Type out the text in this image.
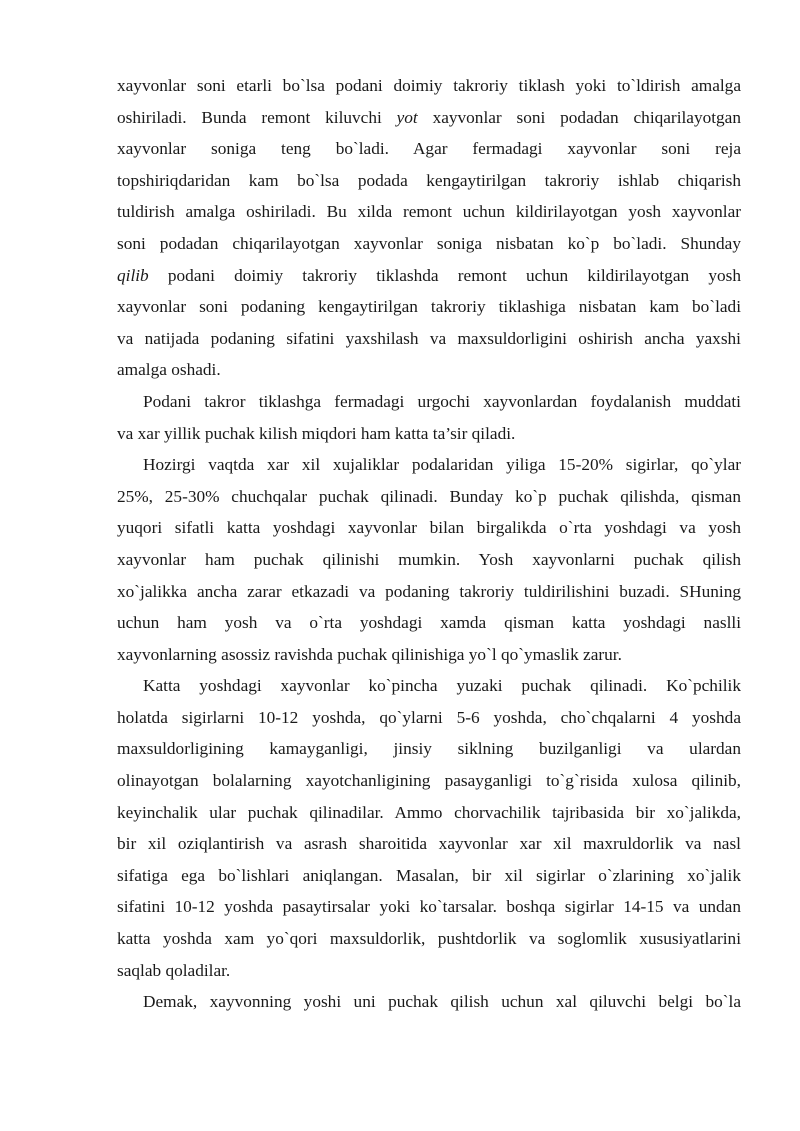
xayvonlar soni etarli bo`lsa podani doimiy takroriy tiklash yoki to`ldirish amalga
oshiriladi. Bunda remont kiluvchi yot xayvonlar soni podadan chiqarilayotgan
xayvonlar soniga teng bo`ladi. Agar fermadagi xayvonlar soni reja
topshiriqdaridan kam bo`lsa podada kengaytirilgan takroriy ishlab chiqarish
tuldirish amalga oshiriladi. Bu xilda remont uchun kildirilayotgan yosh xayvonlar
soni podadan chiqarilayotgan xayvonlar soniga nisbatan ko`p bo`ladi. Shunday
qilib podani doimiy takroriy tiklashda remont uchun kildirilayotgan yosh
xayvonlar soni podaning kengaytirilgan takroriy tiklashiga nisbatan kam bo`ladi
va natijada podaning sifatini yaxshilash va maxsuldorligini oshirish ancha yaxshi
amalga oshadi.
Podani takror tiklashga fermadagi urgochi xayvonlardan foydalanish muddati
va xar yillik puchak kilish miqdori ham katta ta’sir qiladi.
Hozirgi vaqtda xar xil xujaliklar podalaridan yiliga 15-20% sigirlar, qo`ylar
25%, 25-30% chuchqalar puchak qilinadi. Bunday ko`p puchak qilishda, qisman
yuqori sifatli katta yoshdagi xayvonlar bilan birgalikda o`rta yoshdagi va yosh
xayvonlar ham puchak qilinishi mumkin. Yosh xayvonlarni puchak qilish
xo`jalikka ancha zarar etkazadi va podaning takroriy tuldirilishini buzadi. SHuning
uchun ham yosh va o`rta yoshdagi xamda qisman katta yoshdagi naslli
xayvonlarning asossiz ravishda puchak qilinishiga yo`l qo`ymaslik zarur.
Katta yoshdagi xayvonlar ko`pincha yuzaki puchak qilinadi. Ko`pchilik
holatda sigirlarni 10-12 yoshda, qo`ylarni 5-6 yoshda, cho`chqalarni 4 yoshda
maxsuldorligining kamayganligi, jinsiy siklning buzilganligi va ulardan
olinayotgan bolalarning xayotchanligining pasayganligi to`g`risida xulosa qilinib,
keyinchalik ular puchak qilinadilar. Ammo chorvachilik tajribasida bir xo`jalikda,
bir xil oziqlantirish va asrash sharoitida xayvonlar xar xil maxruldorlik va nasl
sifatiga ega bo`lishlari aniqlangan. Masalan, bir xil sigirlar o`zlarining xo`jalik
sifatini 10-12 yoshda pasaytirsalar yoki ko`tarsalar. boshqa sigirlar 14-15 va undan
katta yoshda xam yo`qori maxsuldorlik, pushtdorlik va soglomlik xususiyatlarini
saqlab qoladilar.
Demak, xayvonning yoshi uni puchak qilish uchun xal qiluvchi belgi bo`la
